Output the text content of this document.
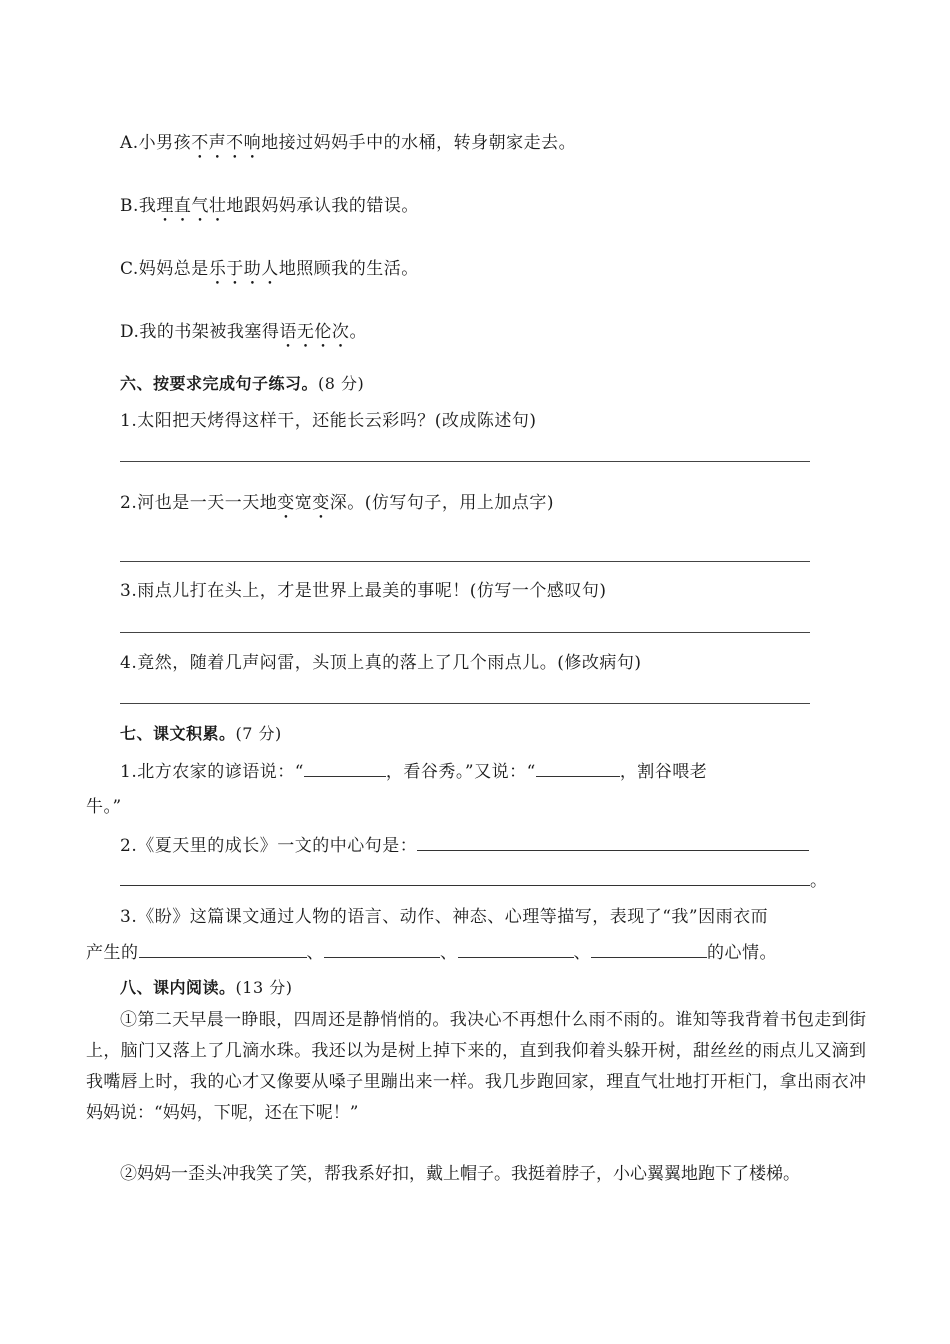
A.小男孩不声不响地接过妈妈手中的水桶，转身朝家走去。
B.我理直气壮地跟妈妈承认我的错误。
C.妈妈总是乐于助人地照顾我的生活。
D.我的书架被我塞得语无伦次。
六、按要求完成句子练习。(8 分)
1.太阳把天烤得这样干，还能长云彩吗？(改成陈述句)
2.河也是一天一天地变宽变深。(仿写句子，用上加点字)
3.雨点儿打在头上，才是世界上最美的事呢！(仿写一个感叹句)
4.竟然，随着几声闷雷，头顶上真的落上了几个雨点儿。(修改病句)
七、课文积累。(7 分)
1.北方农家的谚语说：“	，看谷秀。”又说：“	，割谷喂老
牛。”
2.《夏天里的成长》一文的中心句是：
。
3.《盼》这篇课文通过人物的语言、动作、神态、心理等描写，表现了“我”因雨衣而
产生的	、	、	、	的心情。
八、课内阅读。(13 分)
①第二天早晨一睁眼，四周还是静悄悄的。我决心不再想什么雨不雨的。谁知等我背着书包走到街上，脑门又落上了几滴水珠。我还以为是树上掉下来的，直到我仰着头躲开树，甜丝丝的雨点儿又滴到我嘴唇上时，我的心才又像要从嗓子里蹦出来一样。我几步跑回家，理直气壮地打开柜门，拿出雨衣冲妈妈说：“妈妈，下呢，还在下呢！”
②妈妈一歪头冲我笑了笑，帮我系好扣，戴上帽子。我挺着脖子，小心翼翼地跑下了楼梯。
